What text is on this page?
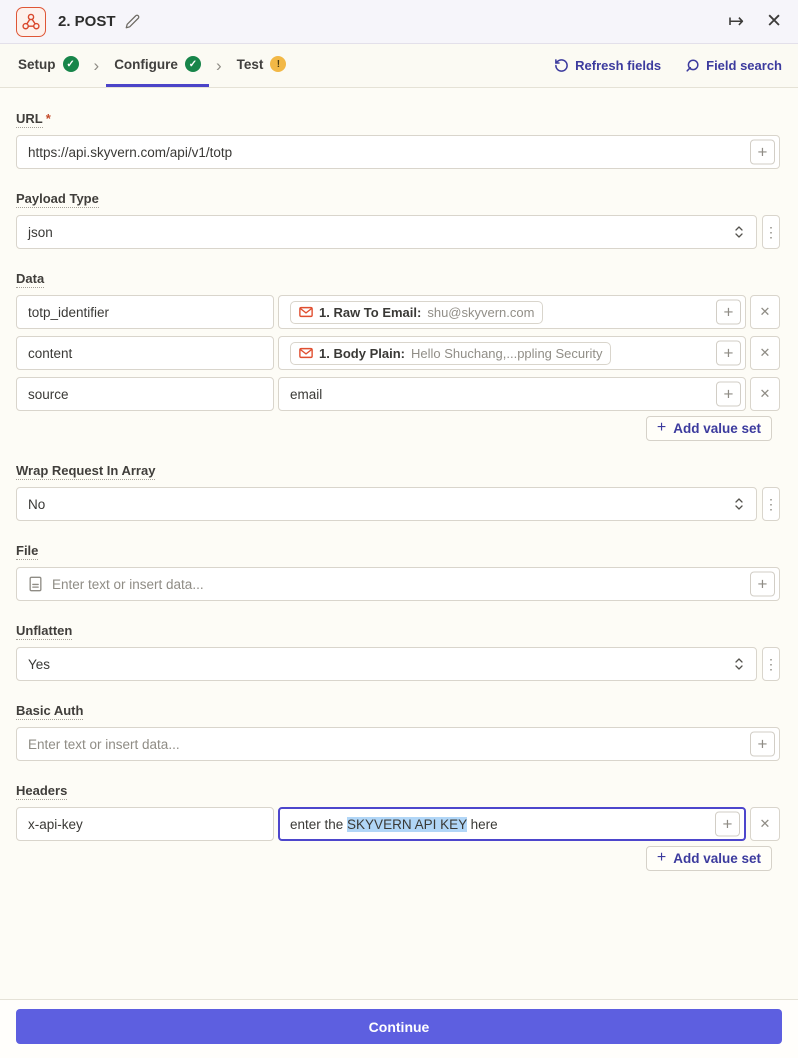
2. POST	↦ ✕
Setup	✓ › Configure	✓ › Test	!	Refresh fields	Field search
URL *
https://api.skyvern.com/api/v1/totp	+
Payload Type
json	⋮
Data
totp_identifier	1. Raw To Email: shu@skyvern.com	+	✕
content	1. Body Plain: Hello Shuchang,...ppling Security	+	✕
source	email	+	✕
+ Add value set
Wrap Request In Array
No	⋮
File
Enter text or insert data...	+
Unflatten
Yes	⋮
Basic Auth
Enter text or insert data...	+
Headers
x-api-key	enter the SKYVERN API KEY here	+	✕
+ Add value set
Continue
